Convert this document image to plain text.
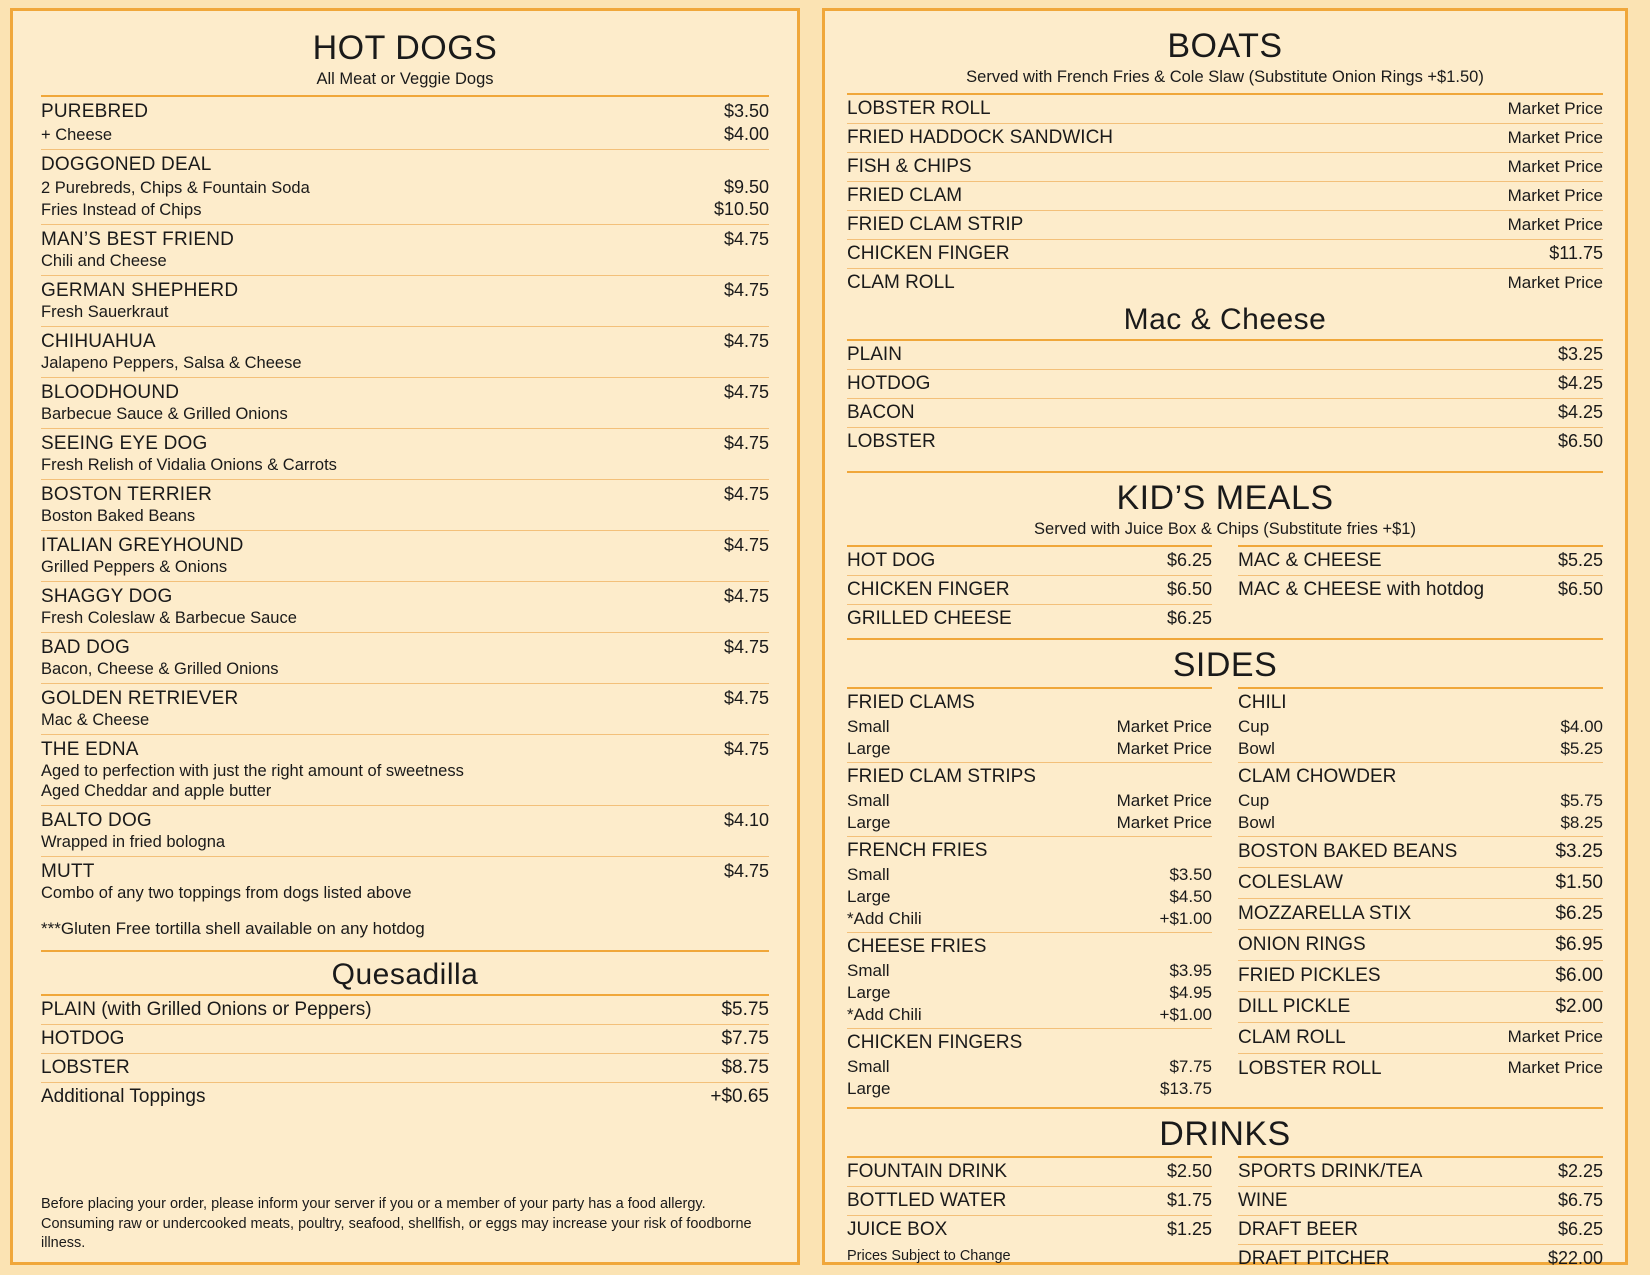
HOT DOGS
All Meat or Veggie Dogs
PUREBRED	$3.50
+ Cheese	$4.00
DOGGONED DEAL
2 Purebreds, Chips & Fountain Soda	$9.50
Fries Instead of Chips	$10.50
MAN’S BEST FRIEND	$4.75
Chili and Cheese
GERMAN SHEPHERD	$4.75
Fresh Sauerkraut
CHIHUAHUA	$4.75
Jalapeno Peppers, Salsa & Cheese
BLOODHOUND	$4.75
Barbecue Sauce & Grilled Onions
SEEING EYE DOG	$4.75
Fresh Relish of Vidalia Onions & Carrots
BOSTON TERRIER	$4.75
Boston Baked Beans
ITALIAN GREYHOUND	$4.75
Grilled Peppers & Onions
SHAGGY DOG	$4.75
Fresh Coleslaw & Barbecue Sauce
BAD DOG	$4.75
Bacon, Cheese & Grilled Onions
GOLDEN RETRIEVER	$4.75
Mac & Cheese
THE EDNA	$4.75
Aged to perfection with just the right amount of sweetness
Aged Cheddar and apple butter
BALTO DOG	$4.10
Wrapped in fried bologna
MUTT	$4.75
Combo of any two toppings from dogs listed above
***Gluten Free tortilla shell available on any hotdog
Quesadilla
PLAIN (with Grilled Onions or Peppers)	$5.75
HOTDOG	$7.75
LOBSTER	$8.75
Additional Toppings	+$0.65
Before placing your order, please inform your server if you or a member of your party has a food allergy.
Consuming raw or undercooked meats, poultry, seafood, shellfish, or eggs may increase your risk of foodborne illness.
BOATS
Served with French Fries & Cole Slaw (Substitute Onion Rings +$1.50)
LOBSTER ROLL	Market Price
FRIED HADDOCK SANDWICH	Market Price
FISH & CHIPS	Market Price
FRIED CLAM	Market Price
FRIED CLAM STRIP	Market Price
CHICKEN FINGER	$11.75
CLAM ROLL	Market Price
Mac & Cheese
PLAIN	$3.25
HOTDOG	$4.25
BACON	$4.25
LOBSTER	$6.50
KID’S MEALS
Served with Juice Box & Chips (Substitute fries +$1)
HOT DOG	$6.25
CHICKEN FINGER	$6.50
GRILLED CHEESE	$6.25
MAC & CHEESE	$5.25
MAC & CHEESE with hotdog	$6.50
SIDES
FRIED CLAMS
Small	Market Price
Large	Market Price
FRIED CLAM STRIPS
Small	Market Price
Large	Market Price
FRENCH FRIES
Small	$3.50
Large	$4.50
*Add Chili	+$1.00
CHEESE FRIES
Small	$3.95
Large	$4.95
*Add Chili	+$1.00
CHICKEN FINGERS
Small	$7.75
Large	$13.75
CHILI
Cup	$4.00
Bowl	$5.25
CLAM CHOWDER
Cup	$5.75
Bowl	$8.25
BOSTON BAKED BEANS	$3.25
COLESLAW	$1.50
MOZZARELLA STIX	$6.25
ONION RINGS	$6.95
FRIED PICKLES	$6.00
DILL PICKLE	$2.00
CLAM ROLL	Market Price
LOBSTER ROLL	Market Price
DRINKS
FOUNTAIN DRINK	$2.50
BOTTLED WATER	$1.75
JUICE BOX	$1.25
Prices Subject to Change
SPORTS DRINK/TEA	$2.25
WINE	$6.75
DRAFT BEER	$6.25
DRAFT PITCHER	$22.00
